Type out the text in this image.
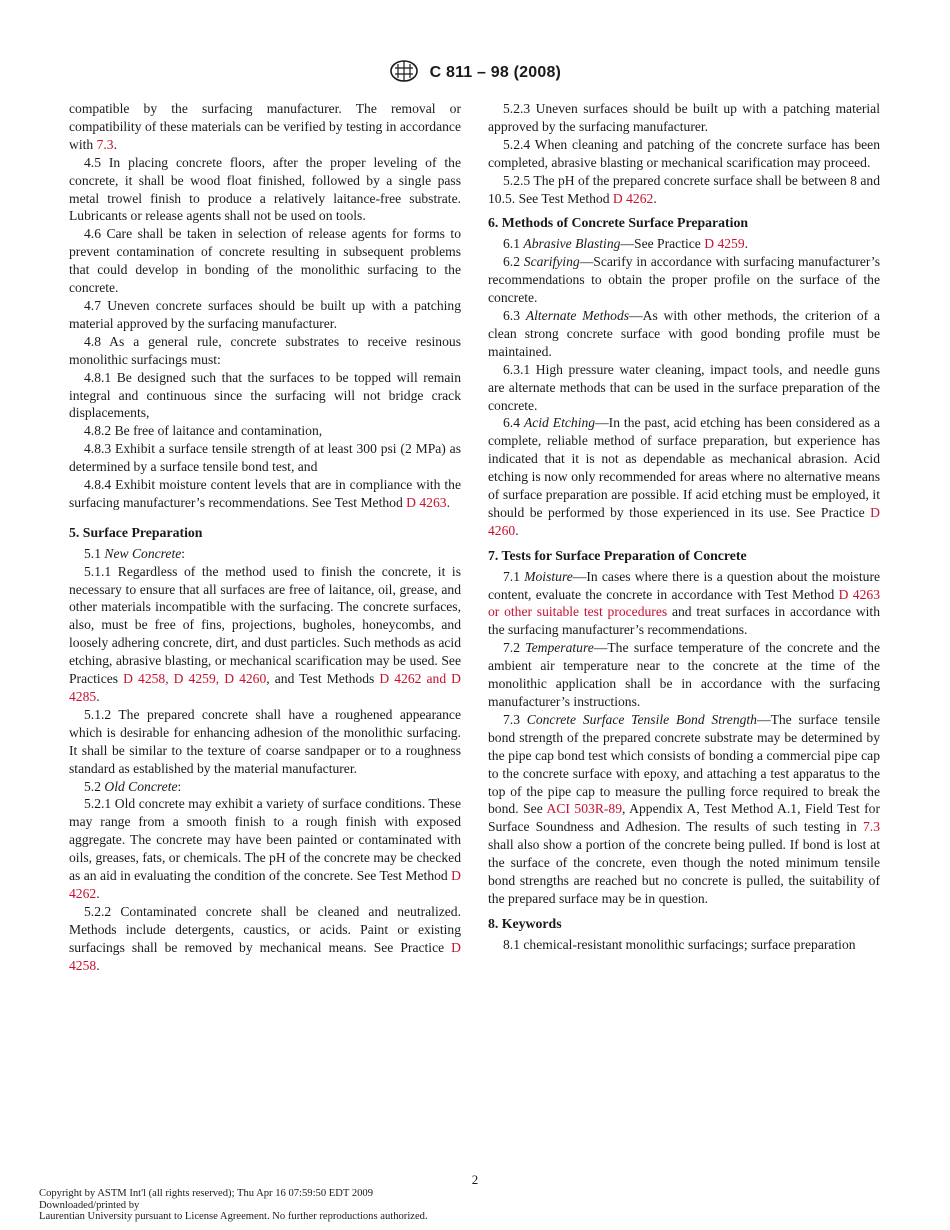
C 811 – 98 (2008)

compatible by the surfacing manufacturer. The removal or compatibility of these materials can be verified by testing in accordance with 7.3.

4.5 In placing concrete floors, after the proper leveling of the concrete, it shall be wood float finished, followed by a single pass metal trowel finish to produce a relatively laitance-free substrate. Lubricants or release agents shall not be used on tools.

4.6 Care shall be taken in selection of release agents for forms to prevent contamination of concrete resulting in subsequent problems that could develop in bonding of the monolithic surfacing to the concrete.

4.7 Uneven concrete surfaces should be built up with a patching material approved by the surfacing manufacturer.

4.8 As a general rule, concrete substrates to receive resinous monolithic surfacings must:

4.8.1 Be designed such that the surfaces to be topped will remain integral and continuous since the surfacing will not bridge crack displacements,

4.8.2 Be free of laitance and contamination,

4.8.3 Exhibit a surface tensile strength of at least 300 psi (2 MPa) as determined by a surface tensile bond test, and

4.8.4 Exhibit moisture content levels that are in compliance with the surfacing manufacturer’s recommendations. See Test Method D 4263.

5. Surface Preparation

5.1 New Concrete:

5.1.1 Regardless of the method used to finish the concrete, it is necessary to ensure that all surfaces are free of laitance, oil, grease, and other materials incompatible with the surfacing. The concrete surfaces, also, must be free of fins, projections, bugholes, honeycombs, and loosely adhering concrete, dirt, and dust particles. Such methods as acid etching, abrasive blasting, or mechanical scarification may be used. See Practices D 4258, D 4259, D 4260, and Test Methods D 4262 and D 4285.

5.1.2 The prepared concrete shall have a roughened appearance which is desirable for enhancing adhesion of the monolithic surfacing. It shall be similar to the texture of coarse sandpaper or to a roughness standard as established by the material manufacturer.

5.2 Old Concrete:

5.2.1 Old concrete may exhibit a variety of surface conditions. These may range from a smooth finish to a rough finish with exposed aggregate. The concrete may have been painted or contaminated with oils, greases, fats, or chemicals. The pH of the concrete may be checked as an aid in evaluating the condition of the concrete. See Test Method D 4262.

5.2.2 Contaminated concrete shall be cleaned and neutralized. Methods include detergents, caustics, or acids. Paint or existing surfacings shall be removed by mechanical means. See Practice D 4258.

5.2.3 Uneven surfaces should be built up with a patching material approved by the surfacing manufacturer.

5.2.4 When cleaning and patching of the concrete surface has been completed, abrasive blasting or mechanical scarification may proceed.

5.2.5 The pH of the prepared concrete surface shall be between 8 and 10.5. See Test Method D 4262.

6. Methods of Concrete Surface Preparation

6.1 Abrasive Blasting—See Practice D 4259.

6.2 Scarifying—Scarify in accordance with surfacing manufacturer’s recommendations to obtain the proper profile on the surface of the concrete.

6.3 Alternate Methods—As with other methods, the criterion of a clean strong concrete surface with good bonding profile must be maintained.

6.3.1 High pressure water cleaning, impact tools, and needle guns are alternate methods that can be used in the surface preparation of the concrete.

6.4 Acid Etching—In the past, acid etching has been considered as a complete, reliable method of surface preparation, but experience has indicated that it is not as dependable as mechanical abrasion. Acid etching is now only recommended for areas where no alternative means of surface preparation are possible. If acid etching must be employed, it should be performed by those experienced in its use. See Practice D 4260.

7. Tests for Surface Preparation of Concrete

7.1 Moisture—In cases where there is a question about the moisture content, evaluate the concrete in accordance with Test Method D 4263 or other suitable test procedures and treat surfaces in accordance with the surfacing manufacturer’s recommendations.

7.2 Temperature—The surface temperature of the concrete and the ambient air temperature near to the concrete at the time of the monolithic application shall be in accordance with the surfacing manufacturer’s instructions.

7.3 Concrete Surface Tensile Bond Strength—The surface tensile bond strength of the prepared concrete substrate may be determined by the pipe cap bond test which consists of bonding a commercial pipe cap to the concrete surface with epoxy, and attaching a test apparatus to the top of the pipe cap to measure the pulling force required to break the bond. See ACI 503R-89, Appendix A, Test Method A.1, Field Test for Surface Soundness and Adhesion. The results of such testing in 7.3 shall also show a portion of the concrete being pulled. If bond is lost at the surface of the concrete, even though the noted minimum tensile bond strengths are reached but no concrete is pulled, the suitability of the prepared surface may be in question.

8. Keywords

8.1 chemical-resistant monolithic surfacings; surface preparation

2
Copyright by ASTM Int'l (all rights reserved); Thu Apr 16 07:59:50 EDT 2009
Downloaded/printed by
Laurentian University pursuant to License Agreement. No further reproductions authorized.
